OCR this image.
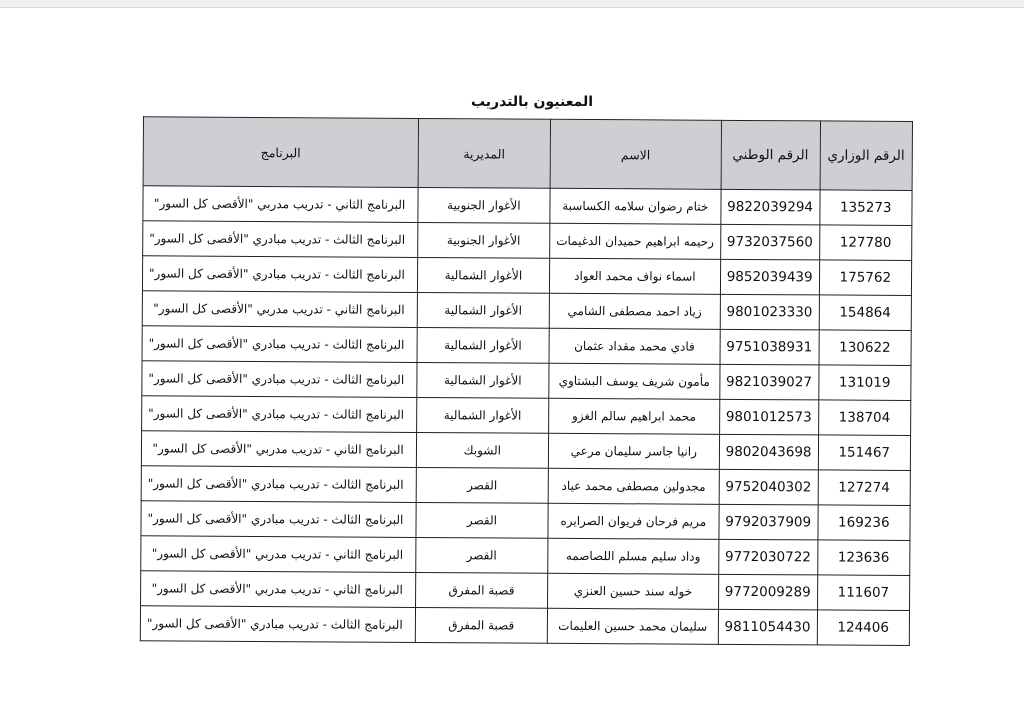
المعنيون بالتدريب
الرقم الوزاري	الرقم الوطني	الاسم	المديرية	البرنامج
135273	9822039294	ختام رضوان سلامه الكساسبة	الأغوار الجنوبية	البرنامج الثاني - تدريب مدربي "الأقصى كل السور"
127780	9732037560	رحيمه ابراهيم حميدان الدغيمات	الأغوار الجنوبية	البرنامج الثالث - تدريب مبادري "الأقصى كل السور"
175762	9852039439	اسماء نواف محمد العواد	الأغوار الشمالية	البرنامج الثالث - تدريب مبادري "الأقصى كل السور"
154864	9801023330	زياد احمد مصطفى الشامي	الأغوار الشمالية	البرنامج الثاني - تدريب مدربي "الأقصى كل السور"
130622	9751038931	فادي محمد مقداد عثمان	الأغوار الشمالية	البرنامج الثالث - تدريب مبادري "الأقصى كل السور"
131019	9821039027	مأمون شريف يوسف البشتاوي	الأغوار الشمالية	البرنامج الثالث - تدريب مبادري "الأقصى كل السور"
138704	9801012573	محمد ابراهيم سالم الغزو	الأغوار الشمالية	البرنامج الثالث - تدريب مبادري "الأقصى كل السور"
151467	9802043698	رانيا جاسر سليمان مرعي	الشوبك	البرنامج الثاني - تدريب مدربي "الأقصى كل السور"
127274	9752040302	مجدولين مصطفى محمد عياد	القصر	البرنامج الثالث - تدريب مبادري "الأقصى كل السور"
169236	9792037909	مريم فرحان فريوان الصرايره	القصر	البرنامج الثالث - تدريب مبادري "الأقصى كل السور"
123636	9772030722	وداد سليم مسلم اللصاصمه	القصر	البرنامج الثاني - تدريب مدربي "الأقصى كل السور"
111607	9772009289	خوله سند حسين العنزي	قصبة المفرق	البرنامج الثاني - تدريب مدربي "الأقصى كل السور"
124406	9811054430	سليمان محمد حسين العليمات	قصبة المفرق	البرنامج الثالث - تدريب مبادري "الأقصى كل السور"
